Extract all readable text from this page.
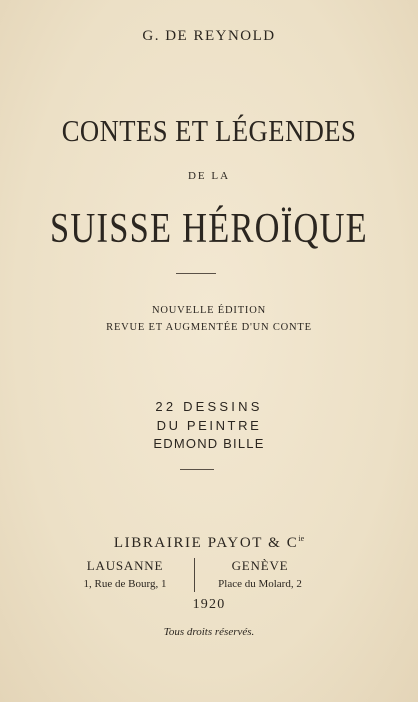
G. DE REYNOLD
CONTES ET LÉGENDES
DE LA
SUISSE HÉROÏQUE
NOUVELLE ÉDITION
REVUE ET AUGMENTÉE D'UN CONTE
22 DESSINS
DU PEINTRE
EDMOND BILLE
LIBRAIRIE PAYOT & $C^{ie}$
LAUSANNE
1, Rue de Bourg, 1
GENÈVE
Place du Molard, 2
1920
Tous droits réservés.
